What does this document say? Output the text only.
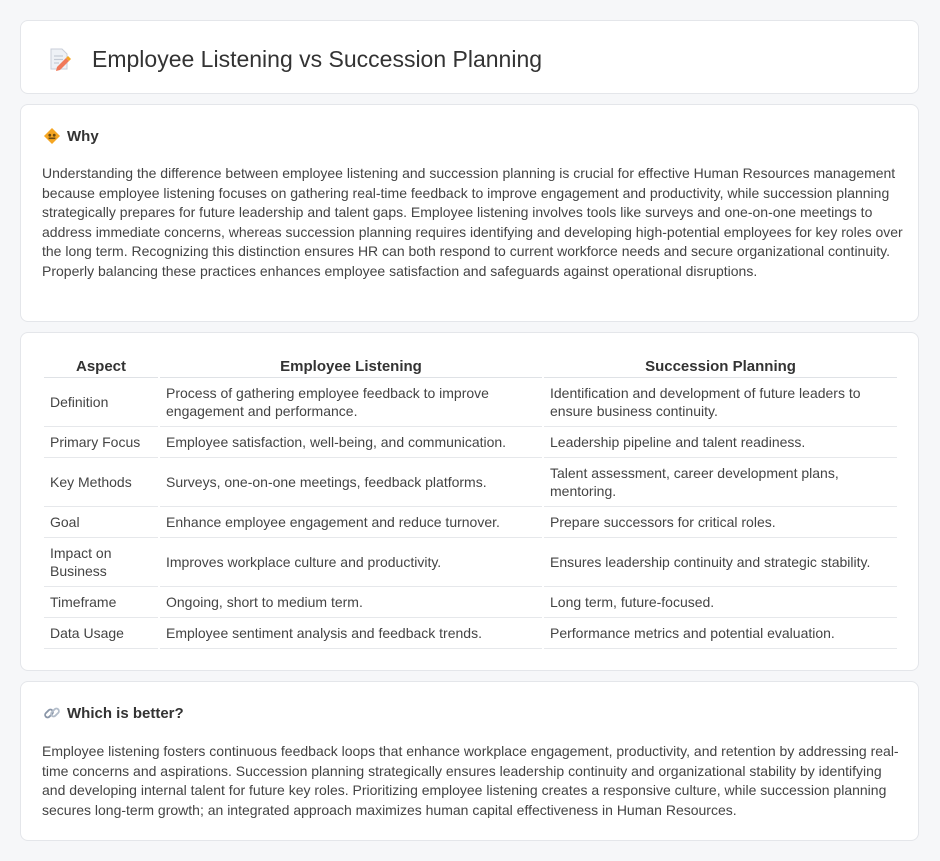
Employee Listening vs Succession Planning
Why

Understanding the difference between employee listening and succession planning is crucial for effective Human Resources management because employee listening focuses on gathering real-time feedback to improve engagement and productivity, while succession planning strategically prepares for future leadership and talent gaps. Employee listening involves tools like surveys and one-on-one meetings to address immediate concerns, whereas succession planning requires identifying and developing high-potential employees for key roles over the long term. Recognizing this distinction ensures HR can both respond to current workforce needs and secure organizational continuity. Properly balancing these practices enhances employee satisfaction and safeguards against operational disruptions.

Aspect	Employee Listening	Succession Planning
Definition	Process of gathering employee feedback to improve engagement and performance.	Identification and development of future leaders to ensure business continuity.
Primary Focus	Employee satisfaction, well-being, and communication.	Leadership pipeline and talent readiness.
Key Methods	Surveys, one-on-one meetings, feedback platforms.	Talent assessment, career development plans, mentoring.
Goal	Enhance employee engagement and reduce turnover.	Prepare successors for critical roles.
Impact on Business	Improves workplace culture and productivity.	Ensures leadership continuity and strategic stability.
Timeframe	Ongoing, short to medium term.	Long term, future-focused.
Data Usage	Employee sentiment analysis and feedback trends.	Performance metrics and potential evaluation.
Which is better?

Employee listening fosters continuous feedback loops that enhance workplace engagement, productivity, and retention by addressing real-time concerns and aspirations. Succession planning strategically ensures leadership continuity and organizational stability by identifying and developing internal talent for future key roles. Prioritizing employee listening creates a responsive culture, while succession planning secures long-term growth; an integrated approach maximizes human capital effectiveness in Human Resources.
